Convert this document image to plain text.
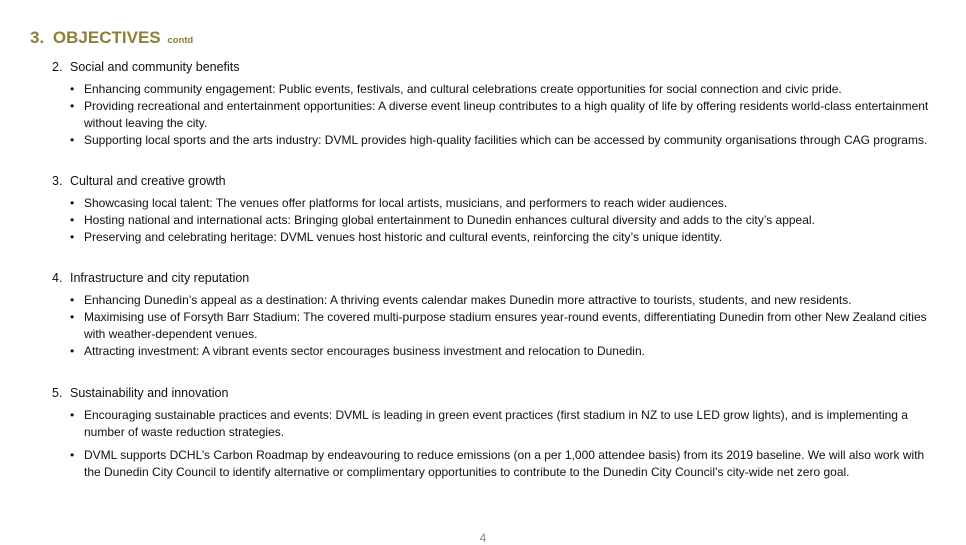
3. OBJECTIVES contd
2. Social and community benefits
• Enhancing community engagement: Public events, festivals, and cultural celebrations create opportunities for social connection and civic pride.
• Providing recreational and entertainment opportunities: A diverse event lineup contributes to a high quality of life by offering residents world-class entertainment without leaving the city.
• Supporting local sports and the arts industry: DVML provides high-quality facilities which can be accessed by community organisations through CAG programs.
3. Cultural and creative growth
• Showcasing local talent: The venues offer platforms for local artists, musicians, and performers to reach wider audiences.
• Hosting national and international acts: Bringing global entertainment to Dunedin enhances cultural diversity and adds to the city’s appeal.
• Preserving and celebrating heritage: DVML venues host historic and cultural events, reinforcing the city’s unique identity.
4. Infrastructure and city reputation
• Enhancing Dunedin’s appeal as a destination: A thriving events calendar makes Dunedin more attractive to tourists, students, and new residents.
• Maximising use of Forsyth Barr Stadium: The covered multi-purpose stadium ensures year-round events, differentiating Dunedin from other New Zealand cities with weather-dependent venues.
• Attracting investment: A vibrant events sector encourages business investment and relocation to Dunedin.
5. Sustainability and innovation
• Encouraging sustainable practices and events: DVML is leading in green event practices (first stadium in NZ to use LED grow lights), and is implementing a number of waste reduction strategies.
• DVML supports DCHL’s Carbon Roadmap by endeavouring to reduce emissions (on a per 1,000 attendee basis) from its 2019 baseline. We will also work with the Dunedin City Council to identify alternative or complimentary opportunities to contribute to the Dunedin City Council’s city-wide net zero goal.
4
